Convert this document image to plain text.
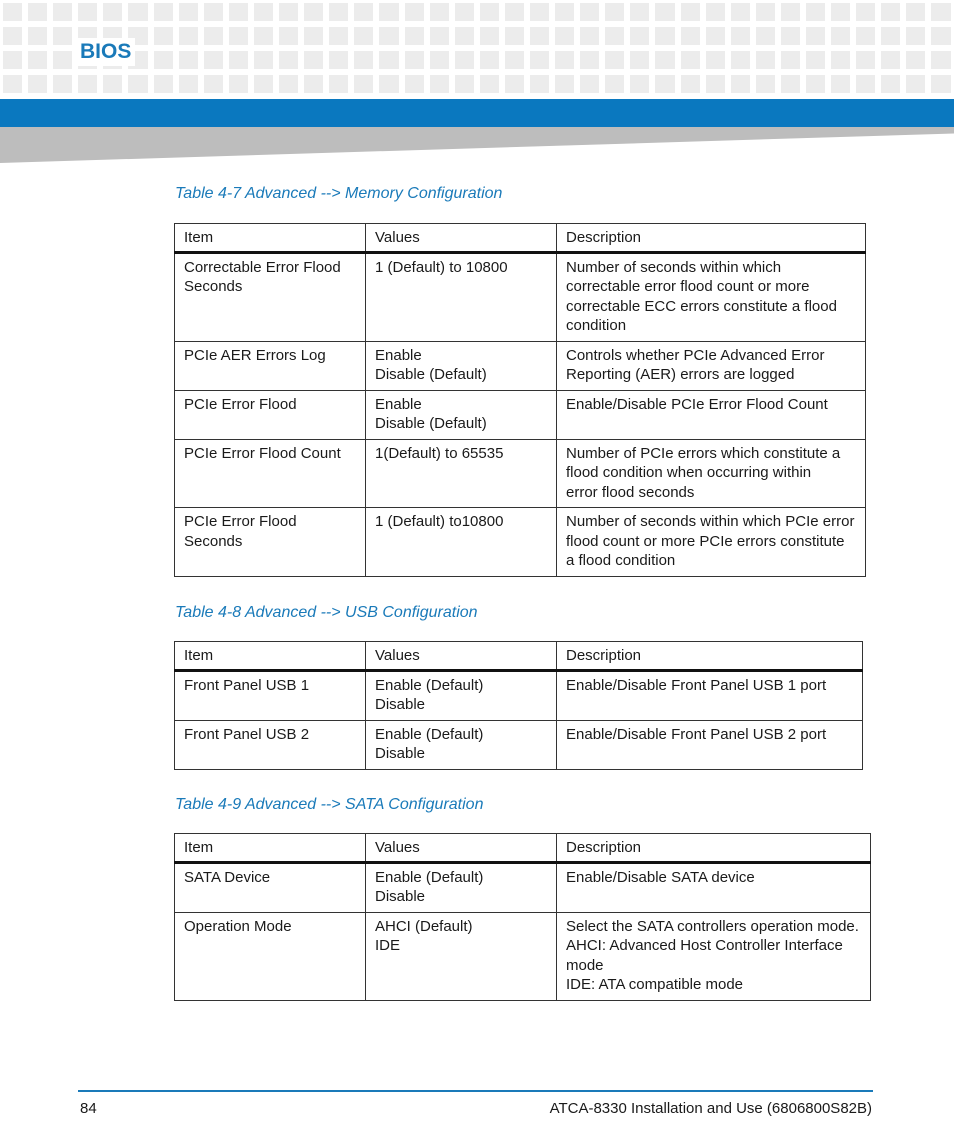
BIOS
Table 4-7 Advanced --> Memory Configuration
Item	Values	Description

Correctable Error Flood
Seconds	1 (Default) to 10800	Number of seconds within which
correctable error flood count or more
correctable ECC errors constitute a flood
condition

PCIe AER Errors Log	Enable
Disable (Default)	Controls whether PCIe Advanced Error
Reporting (AER) errors are logged

PCIe Error Flood	Enable
Disable (Default)	Enable/Disable PCIe Error Flood Count

PCIe Error Flood Count	1(Default) to 65535	Number of PCIe errors which constitute a
flood condition when occurring within
error flood seconds

PCIe Error Flood Seconds	1 (Default) to10800	Number of seconds within which PCIe error
flood count or more PCIe errors constitute
a flood condition
Table 4-8 Advanced --> USB Configuration
Item	Values	Description

Front Panel USB 1	Enable (Default)
Disable	Enable/Disable Front Panel USB 1 port

Front Panel USB 2	Enable (Default)
Disable	Enable/Disable Front Panel USB 2 port
Table 4-9 Advanced --> SATA Configuration
Item	Values	Description

SATA Device	Enable (Default)
Disable	Enable/Disable SATA device

Operation Mode	AHCI (Default)
IDE	Select the SATA controllers operation mode.
AHCI: Advanced Host Controller Interface
mode
IDE: ATA compatible mode
84	ATCA-8330 Installation and Use (6806800S82B)
